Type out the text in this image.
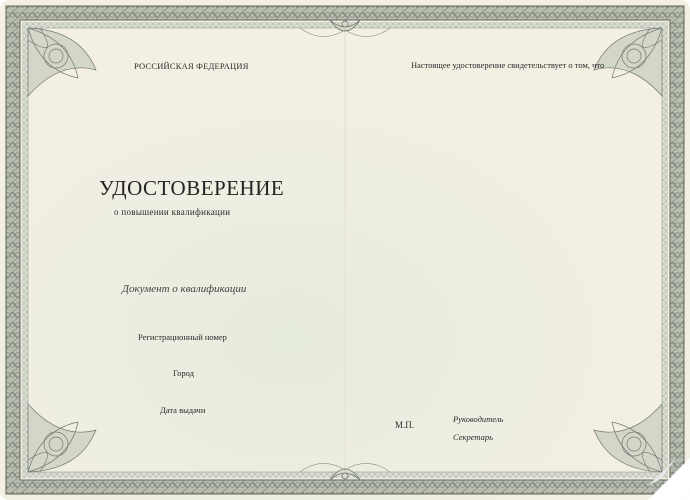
РОССИЙСКАЯ ФЕДЕРАЦИЯ	Настоящее удостоверение свидетельствует о том, что
УДОСТОВЕРЕНИЕ
о повышении квалификации
Документ о квалификации
Регистрационный номер
Город
Дата выдачи
М.П.
Руководитель
Секретарь
